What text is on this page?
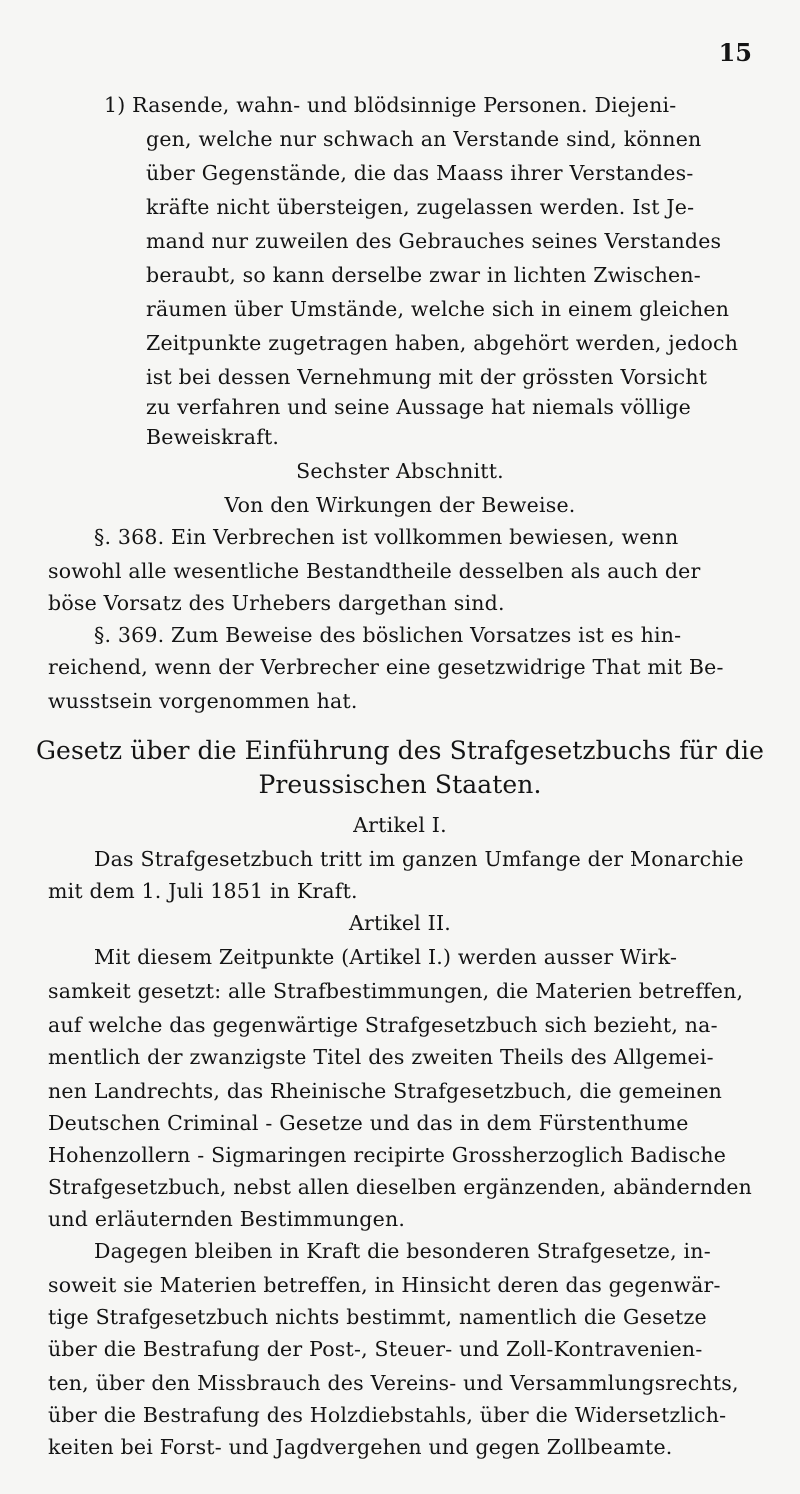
15
1) Rasende, wahn- und blödsinnige Personen. Diejeni-
gen, welche nur schwach an Verstande sind, können
über Gegenstände, die das Maass ihrer Verstandes-
kräfte nicht übersteigen, zugelassen werden. Ist Je-
mand nur zuweilen des Gebrauches seines Verstandes
beraubt, so kann derselbe zwar in lichten Zwischen-
räumen über Umstände, welche sich in einem gleichen
Zeitpunkte zugetragen haben, abgehört werden, jedoch
ist bei dessen Vernehmung mit der grössten Vorsicht
zu verfahren und seine Aussage hat niemals völlige
Beweiskraft.
Sechster Abschnitt.
Von den Wirkungen der Beweise.
§. 368. Ein Verbrechen ist vollkommen bewiesen, wenn
sowohl alle wesentliche Bestandtheile desselben als auch der
böse Vorsatz des Urhebers dargethan sind.
§. 369. Zum Beweise des böslichen Vorsatzes ist es hin-
reichend, wenn der Verbrecher eine gesetzwidrige That mit Be-
wusstsein vorgenommen hat.
Gesetz über die Einführung des Strafgesetzbuchs für die
Preussischen Staaten.
Artikel I.
Das Strafgesetzbuch tritt im ganzen Umfange der Monarchie
mit dem 1. Juli 1851 in Kraft.
Artikel II.
Mit diesem Zeitpunkte (Artikel I.) werden ausser Wirk-
samkeit gesetzt: alle Strafbestimmungen, die Materien betreffen,
auf welche das gegenwärtige Strafgesetzbuch sich bezieht, na-
mentlich der zwanzigste Titel des zweiten Theils des Allgemei-
nen Landrechts, das Rheinische Strafgesetzbuch, die gemeinen
Deutschen Criminal - Gesetze und das in dem Fürstenthume
Hohenzollern - Sigmaringen recipirte Grossherzoglich Badische
Strafgesetzbuch, nebst allen dieselben ergänzenden, abändernden
und erläuternden Bestimmungen.
Dagegen bleiben in Kraft die besonderen Strafgesetze, in-
soweit sie Materien betreffen, in Hinsicht deren das gegenwär-
tige Strafgesetzbuch nichts bestimmt, namentlich die Gesetze
über die Bestrafung der Post-, Steuer- und Zoll-Kontravenien-
ten, über den Missbrauch des Vereins- und Versammlungsrechts,
über die Bestrafung des Holzdiebstahls, über die Widersetzlich-
keiten bei Forst- und Jagdvergehen und gegen Zollbeamte.
